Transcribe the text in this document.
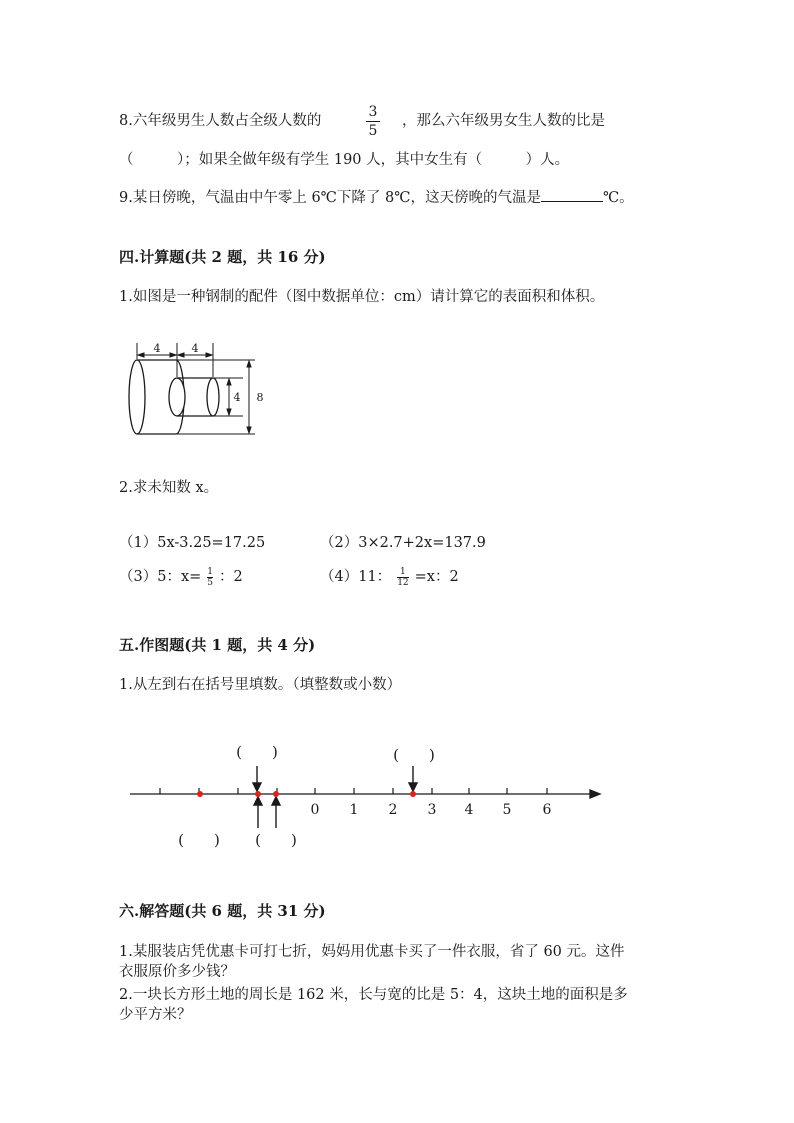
8.六年级男生人数占全级人数的
3
5
，那么六年级男女生人数的比是
（　　　）；如果全做年级有学生 190 人，其中女生有（　　　）人。
9.某日傍晚，气温由中午零上 6℃下降了 8℃，这天傍晚的气温是	℃。
四.计算题(共 2 题，共 16 分)
1.如图是一种钢制的配件（图中数据单位：cm）请计算它的表面积和体积。
4	4
4 8
2.求未知数 x。
（1）5x-3.25=17.25	（2）3×2.7+2x=137.9
（3）5：$x= \frac{1}{5}$ ：2	（4）11： $\frac{1}{12} =x$：2
五.作图题(共 1 题，共 4 分)
1.从左到右在括号里填数。（填整数或小数）
0 1 2 3 4 5 6
(　　)	(　　)
(　　) (　　)
六.解答题(共 6 题，共 31 分)
1.某服装店凭优惠卡可打七折，妈妈用优惠卡买了一件衣服，省了 60 元。这件
衣服原价多少钱？
2.一块长方形土地的周长是 162 米，长与宽的比是 5：4，这块土地的面积是多
少平方米？
